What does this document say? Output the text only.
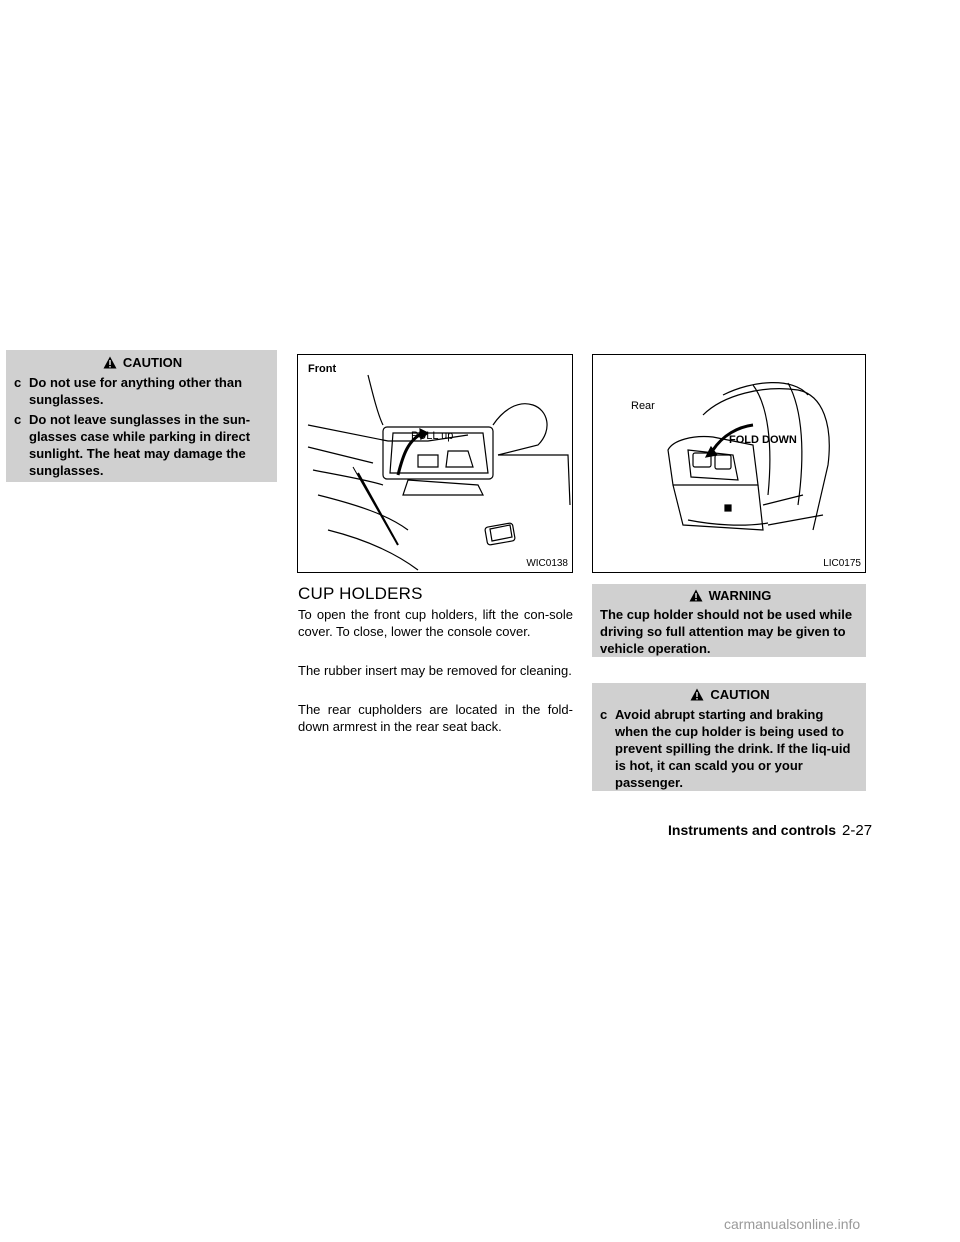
CAUTION
c Do not use for anything other than sunglasses.
c Do not leave sunglasses in the sun-glasses case while parking in direct sunlight. The heat may damage the sunglasses.
Front
PULL up
WIC0138
Rear
FOLD DOWN
LIC0175
CUP HOLDERS
To open the front cup holders, lift the con-sole cover. To close, lower the console cover.
The rubber insert may be removed for cleaning.
The rear cupholders are located in the fold-down armrest in the rear seat back.
WARNING
The cup holder should not be used while driving so full attention may be given to vehicle operation.
CAUTION
c Avoid abrupt starting and braking when the cup holder is being used to prevent spilling the drink. If the liq-uid is hot, it can scald you or your passenger.
Instruments and controls 2-27
carmanualsonline.info
